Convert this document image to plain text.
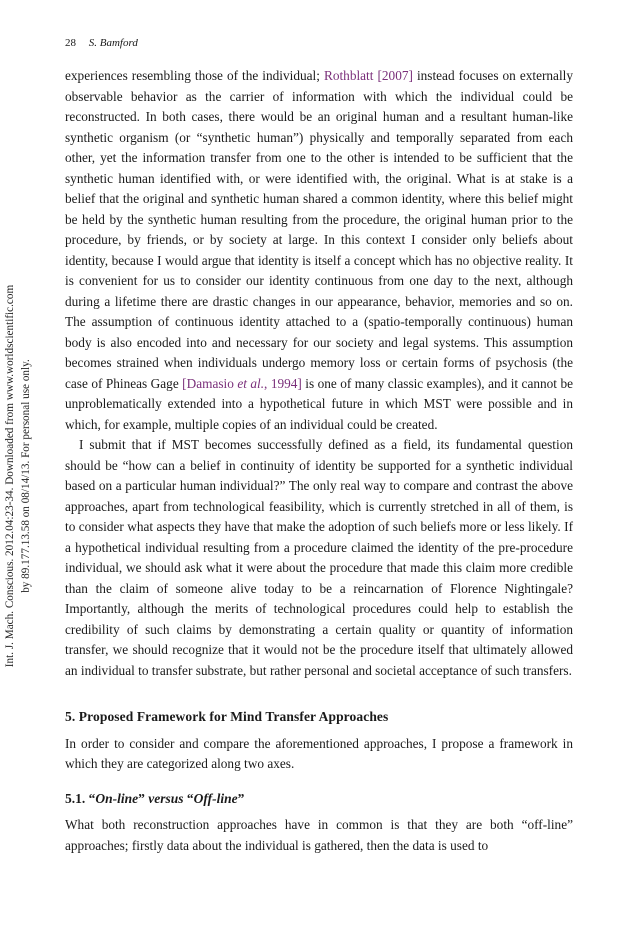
28 S. Bamford
Int. J. Mach. Conscious. 2012.04:23-34. Downloaded from www.worldscientific.com by 89.177.13.58 on 08/14/13. For personal use only.

experiences resembling those of the individual; Rothblatt [2007] instead focuses on externally observable behavior as the carrier of information with which the individual could be reconstructed. In both cases, there would be an original human and a resultant human-like synthetic organism (or “synthetic human”) physically and temporally separated from each other, yet the information transfer from one to the other is intended to be sufficient that the synthetic human identified with, or were identified with, the original. What is at stake is a belief that the original and synthetic human shared a common identity, where this belief might be held by the synthetic human resulting from the procedure, the original human prior to the procedure, by friends, or by society at large. In this context I consider only beliefs about identity, because I would argue that identity is itself a concept which has no objective reality. It is convenient for us to consider our identity continuous from one day to the next, although during a lifetime there are drastic changes in our appearance, behavior, memories and so on. The assumption of continuous identity attached to a (spatio-temporally continuous) human body is also encoded into and necessary for our society and legal systems. This assumption becomes strained when individuals undergo memory loss or certain forms of psychosis (the case of Phineas Gage [Damasio et al., 1994] is one of many classic examples), and it cannot be unproblematically extended into a hypothetical future in which MST were possible and in which, for example, multiple copies of an individual could be created.

I submit that if MST becomes successfully defined as a field, its fundamental question should be “how can a belief in continuity of identity be supported for a synthetic individual based on a particular human individual?” The only real way to compare and contrast the above approaches, apart from technological feasibility, which is currently stretched in all of them, is to consider what aspects they have that make the adoption of such beliefs more or less likely. If a hypothetical individual resulting from a procedure claimed the identity of the pre-procedure individual, we should ask what it were about the procedure that made this claim more credible than the claim of someone alive today to be a reincarnation of Florence Nightingale? Importantly, although the merits of technological procedures could help to establish the credibility of such claims by demonstrating a certain quality or quantity of information transfer, we should recognize that it would not be the procedure itself that ultimately allowed an individual to transfer substrate, but rather personal and societal acceptance of such transfers.

5. Proposed Framework for Mind Transfer Approaches

In order to consider and compare the aforementioned approaches, I propose a framework in which they are categorized along two axes.

5.1. “On-line” versus “Off-line”

What both reconstruction approaches have in common is that they are both “off-line” approaches; firstly data about the individual is gathered, then the data is used to
